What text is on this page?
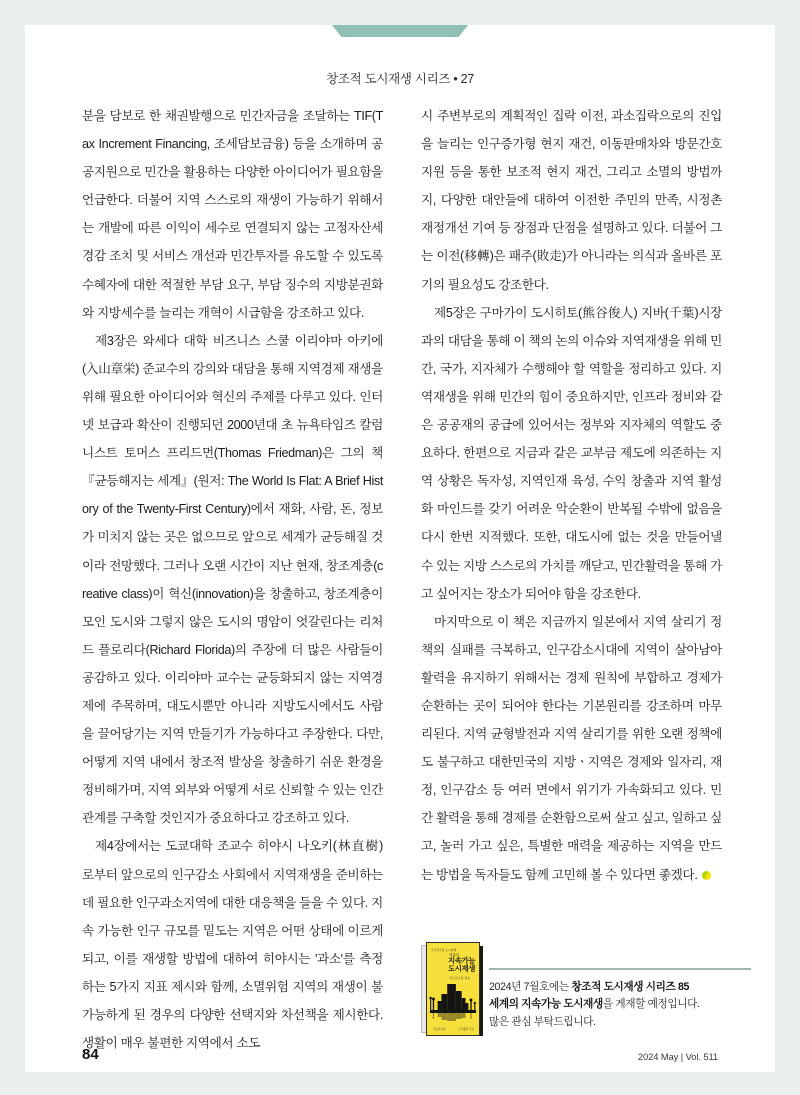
창조적 도시재생 시리즈 • 27

분을 담보로 한 채권발행으로 민간자금을 조달하는 TIF(Tax Increment Financing, 조세담보금융) 등을 소개하며 공공지원으로 민간을 활용하는 다양한 아이디어가 필요함을 언급한다. 더불어 지역 스스로의 재생이 가능하기 위해서는 개발에 따른 이익이 세수로 연결되지 않는 고정자산세 경감 조치 및 서비스 개선과 민간투자를 유도할 수 있도록 수혜자에 대한 적절한 부담 요구, 부담 징수의 지방분권화와 지방세수를 늘리는 개혁이 시급함을 강조하고 있다.

제3장은 와세다 대학 비즈니스 스쿨 이리야마 아키에(入山章栄) 준교수의 강의와 대담을 통해 지역경제 재생을 위해 필요한 아이디어와 혁신의 주제를 다루고 있다. 인터넷 보급과 확산이 진행되던 2000년대 초 뉴욕타임즈 칼럼니스트 토머스 프리드먼(Thomas Friedman)은 그의 책 『균등해지는 세계』(원저: The World Is Flat: A Brief History of the Twenty-First Century)에서 재화, 사람, 돈, 정보가 미치지 않는 곳은 없으므로 앞으로 세계가 균등해질 것이라 전망했다. 그러나 오랜 시간이 지난 현재, 창조계층(creative class)이 혁신(innovation)을 창출하고, 창조계층이 모인 도시와 그렇지 않은 도시의 명암이 엇갈린다는 리처드 플로리다(Richard Florida)의 주장에 더 많은 사람들이 공감하고 있다. 이리야마 교수는 균등화되지 않는 지역경제에 주목하며, 대도시뿐만 아니라 지방도시에서도 사람을 끌어당기는 지역 만들기가 가능하다고 주장한다. 다만, 어떻게 지역 내에서 창조적 발상을 창출하기 쉬운 환경을 정비해가며, 지역 외부와 어떻게 서로 신뢰할 수 있는 인간관계를 구축할 것인지가 중요하다고 강조하고 있다.

제4장에서는 도쿄대학 조교수 히야시 나오키(林直樹)로부터 앞으로의 인구감소 사회에서 지역재생을 준비하는 데 필요한 인구과소지역에 대한 대응책을 들을 수 있다. 지속 가능한 인구 규모를 밑도는 지역은 어떤 상태에 이르게 되고, 이를 재생할 방법에 대하여 히야시는 '과소'를 측정하는 5가지 지표 제시와 함께, 소멸위험 지역의 재생이 불가능하게 된 경우의 다양한 선택지와 차선책을 제시한다. 생활이 매우 불편한 지역에서 소도

시 주변부로의 계획적인 집락 이전, 과소집락으로의 진입을 늘리는 인구증가형 현지 재건, 이동판매차와 방문간호 지원 등을 통한 보조적 현지 재건, 그리고 소멸의 방법까지, 다양한 대안들에 대하여 이전한 주민의 만족, 시정촌 재정개선 기여 등 장점과 단점을 설명하고 있다. 더불어 그는 이전(移轉)은 패주(敗走)가 아니라는 의식과 올바른 포기의 필요성도 강조한다.

제5장은 구마가이 도시히토(熊谷俊人) 지바(千葉)시장과의 대담을 통해 이 책의 논의 이슈와 지역재생을 위해 민간, 국가, 지자체가 수행해야 할 역할을 정리하고 있다. 지역재생을 위해 민간의 힘이 중요하지만, 인프라 정비와 같은 공공재의 공급에 있어서는 정부와 지자체의 역할도 중요하다. 한편으로 지금과 같은 교부금 제도에 의존하는 지역 상황은 독자성, 지역인재 육성, 수익 창출과 지역 활성화 마인드를 갖기 어려운 악순환이 반복될 수밖에 없음을 다시 한번 지적했다. 또한, 대도시에 없는 것을 만들어낼 수 있는 지방 스스로의 가치를 깨닫고, 민간활력을 통해 가고 싶어지는 장소가 되어야 함을 강조한다.

마지막으로 이 책은 지금까지 일본에서 지역 살리기 정책의 실패를 극복하고, 인구감소시대에 지역이 살아남아 활력을 유지하기 위해서는 경제 원칙에 부합하고 경제가 순환하는 곳이 되어야 한다는 기본원리를 강조하며 마무리된다. 지역 균형발전과 지역 살리기를 위한 오랜 정책에도 불구하고 대한민국의 지방ㆍ지역은 경제와 일자리, 재정, 인구감소 등 여러 면에서 위기가 가속화되고 있다. 민간 활력을 통해 경제를 순환함으로써 살고 싶고, 일하고 싶고, 놀러 가고 싶은, 특별한 매력을 제공하는 지역을 만드는 방법을 독자들도 함께 고민해 볼 수 있다면 좋겠다.

국토연구원 도시재생
세계의
지속가능
도시재생
국토연구원 엮음
국토연구원	도서출판 국토
2024년 7월호에는 창조적 도시재생 시리즈 85
세계의 지속가능 도시재생을 게재할 예정입니다.
많은 관심 부탁드립니다.
84	2024 May | Vol. 511
